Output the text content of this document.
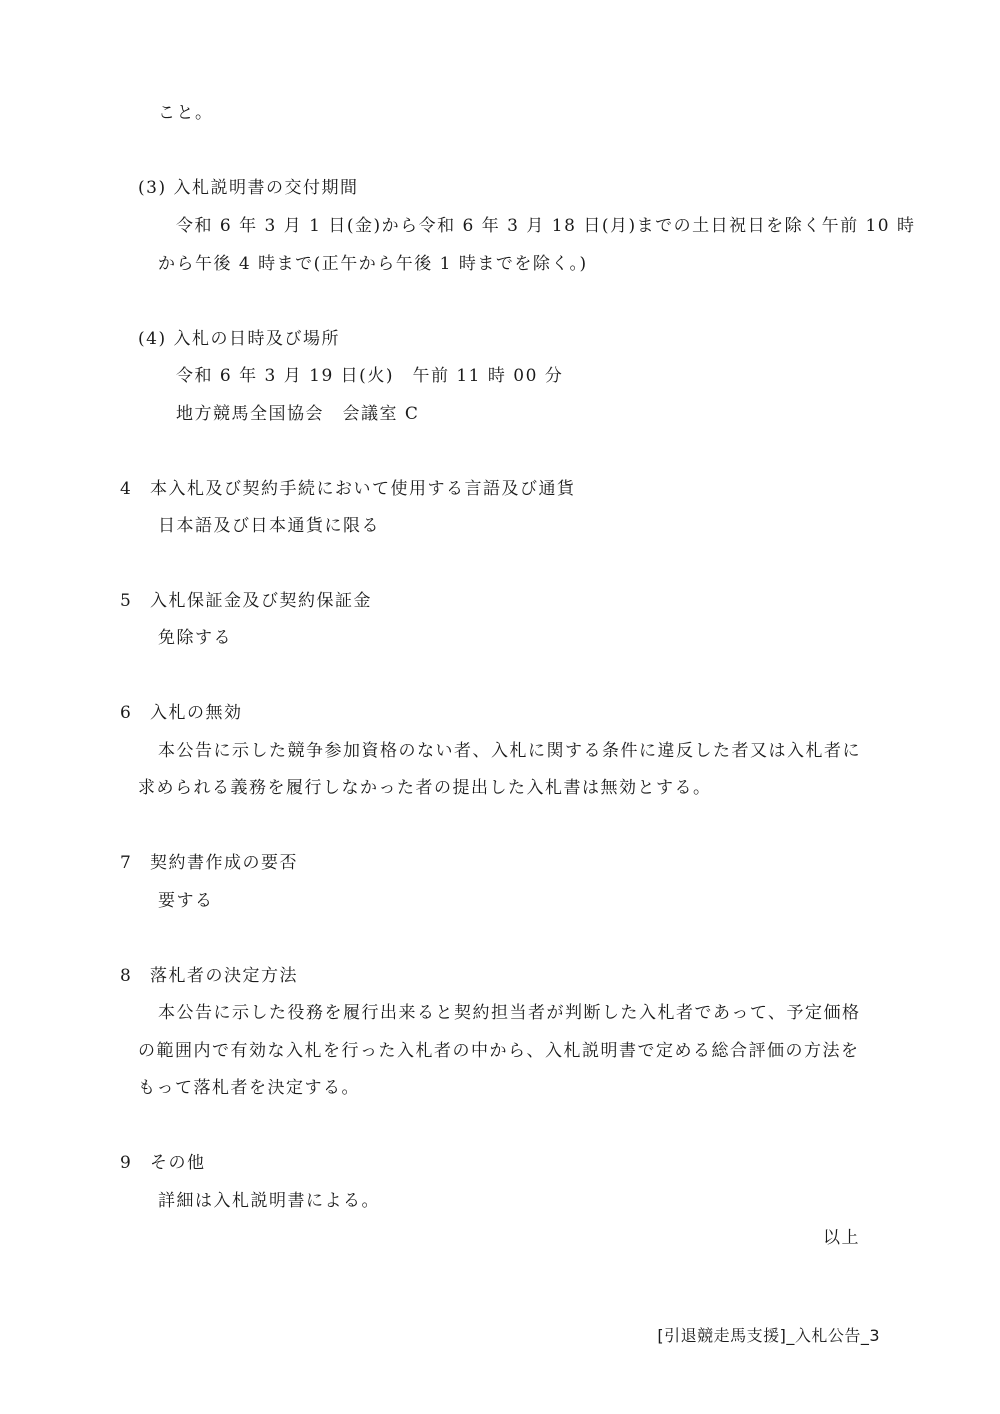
こと。
(3) 入札説明書の交付期間
令和 6 年 3 月 1 日(金)から令和 6 年 3 月 18 日(月)までの土日祝日を除く午前 10 時
から午後 4 時まで(正午から午後 1 時までを除く。)
(4) 入札の日時及び場所
令和 6 年 3 月 19 日(火)　午前 11 時 00 分
地方競馬全国協会　会議室 C
4 本入札及び契約手続において使用する言語及び通貨
日本語及び日本通貨に限る
5 入札保証金及び契約保証金
免除する
6 入札の無効
本公告に示した競争参加資格のない者、入札に関する条件に違反した者又は入札者に
求められる義務を履行しなかった者の提出した入札書は無効とする。
7 契約書作成の要否
要する
8 落札者の決定方法
本公告に示した役務を履行出来ると契約担当者が判断した入札者であって、予定価格
の範囲内で有効な入札を行った入札者の中から、入札説明書で定める総合評価の方法を
もって落札者を決定する。
9 その他
詳細は入札説明書による。
以上
[引退競走馬支援]_入札公告_3
